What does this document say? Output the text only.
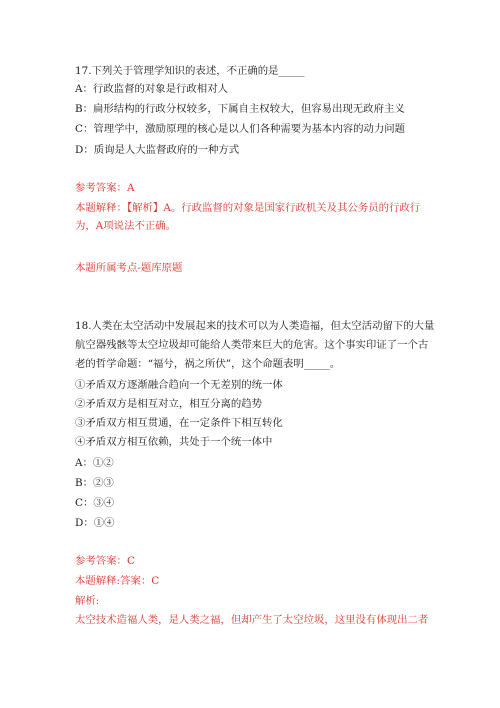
17.下列关于管理学知识的表述，不正确的是_____
A：行政监督的对象是行政相对人
B：扁形结构的行政分权较多，下属自主权较大，但容易出现无政府主义
C：管理学中，激励原理的核心是以人们各种需要为基本内容的动力问题
D：质询是人大监督政府的一种方式
参考答案：A
本题解释：【解析】A。行政监督的对象是国家行政机关及其公务员的行政行
为，A项说法不正确。
本题所属考点-题库原题
18.人类在太空活动中发展起来的技术可以为人类造福，但太空活动留下的大量
航空器残骸等太空垃圾却可能给人类带来巨大的危害。这个事实印证了一个古
老的哲学命题：“福兮，祸之所伏”，这个命题表明_____。
①矛盾双方逐渐融合趋向一个无差别的统一体
②矛盾双方是相互对立，相互分离的趋势
③矛盾双方相互贯通，在一定条件下相互转化
④矛盾双方相互依赖，共处于一个统一体中
A：①②
B：②③
C：③④
D：①④
参考答案：C
本题解释:答案：C
解析:
太空技术造福人类，是人类之福，但却产生了太空垃圾，这里没有体现出二者
